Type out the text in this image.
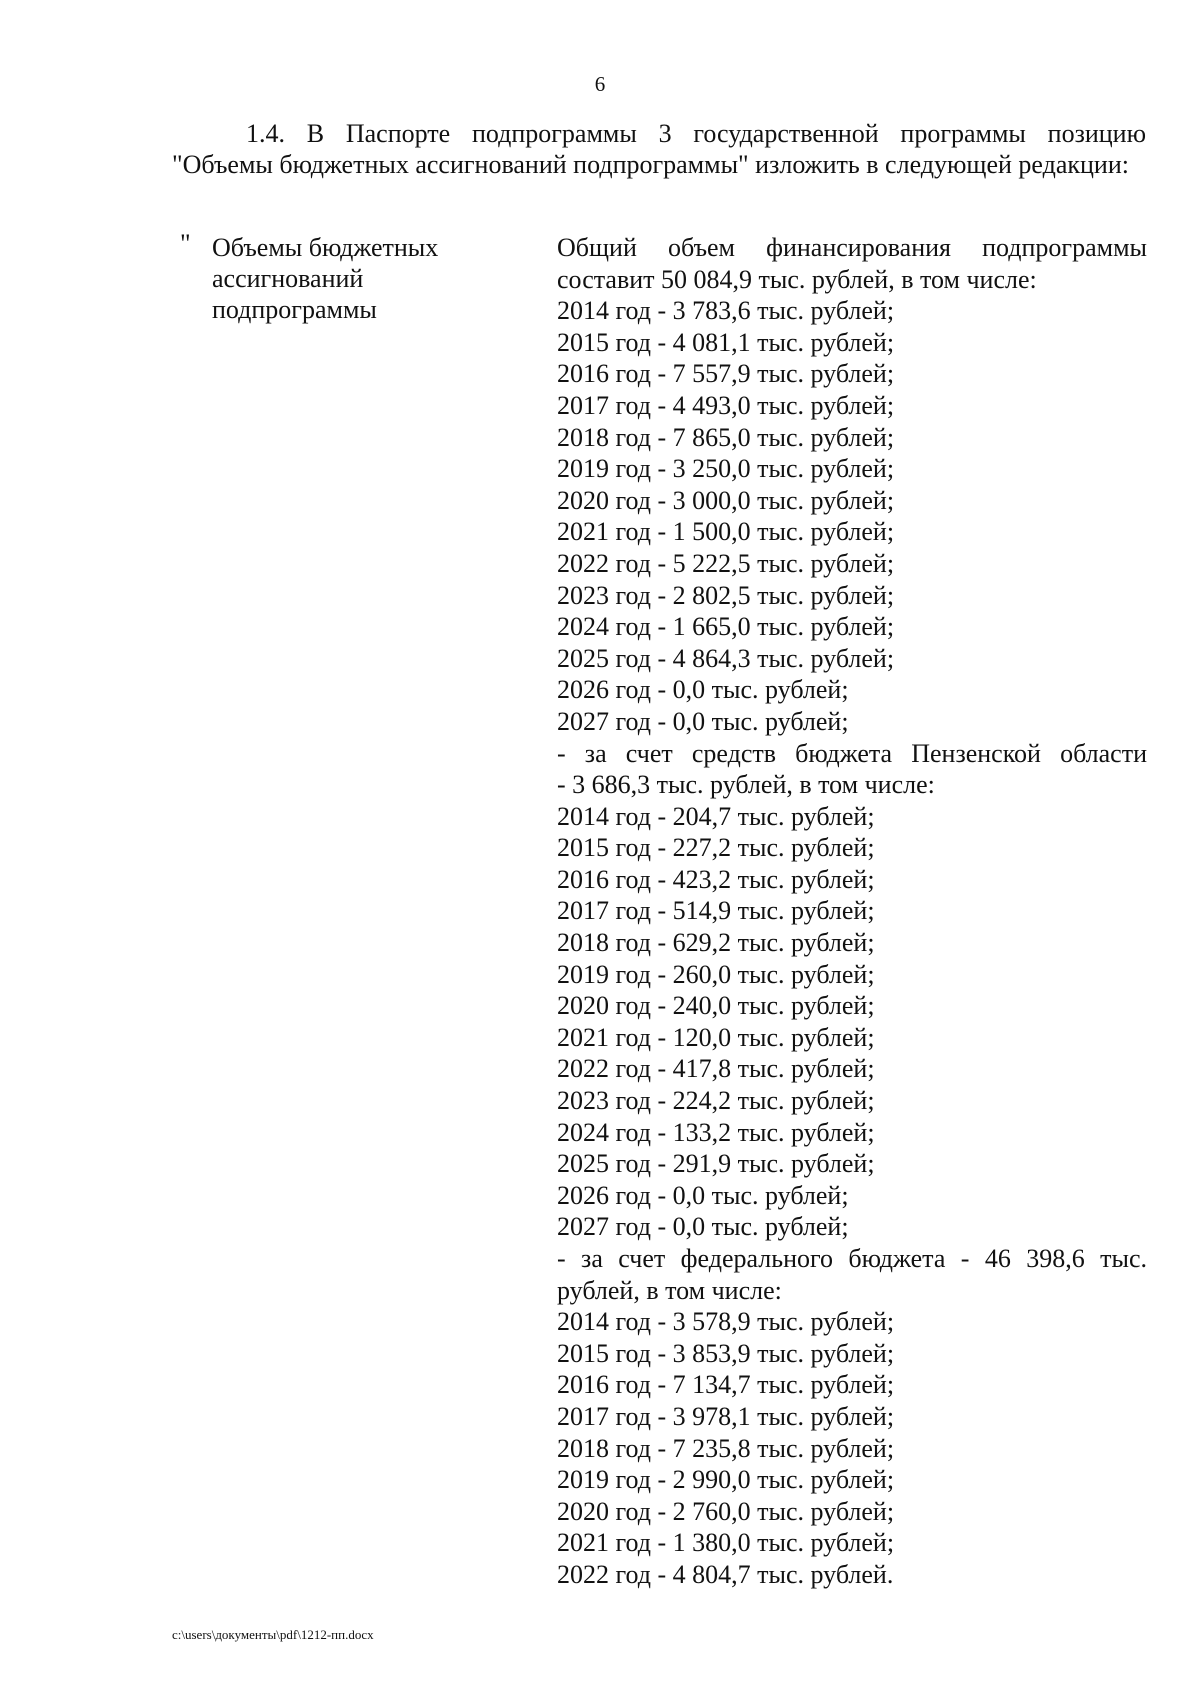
6

1.4. В Паспорте подпрограммы 3 государственной программы позицию "Объемы бюджетных ассигнований подпрограммы" изложить в следующей редакции:

" Объемы бюджетных ассигнований подпрограммы

Общий объем финансирования подпрограммы
составит 50 084,9 тыс. рублей, в том числе:
2014 год - 3 783,6 тыс. рублей;
2015 год - 4 081,1 тыс. рублей;
2016 год - 7 557,9 тыс. рублей;
2017 год - 4 493,0 тыс. рублей;
2018 год - 7 865,0 тыс. рублей;
2019 год - 3 250,0 тыс. рублей;
2020 год - 3 000,0 тыс. рублей;
2021 год - 1 500,0 тыс. рублей;
2022 год - 5 222,5 тыс. рублей;
2023 год - 2 802,5 тыс. рублей;
2024 год - 1 665,0 тыс. рублей;
2025 год - 4 864,3 тыс. рублей;
2026 год - 0,0 тыс. рублей;
2027 год - 0,0 тыс. рублей;
- за счет средств бюджета Пензенской области
- 3 686,3 тыс. рублей, в том числе:
2014 год - 204,7 тыс. рублей;
2015 год - 227,2 тыс. рублей;
2016 год - 423,2 тыс. рублей;
2017 год - 514,9 тыс. рублей;
2018 год - 629,2 тыс. рублей;
2019 год - 260,0 тыс. рублей;
2020 год - 240,0 тыс. рублей;
2021 год - 120,0 тыс. рублей;
2022 год - 417,8 тыс. рублей;
2023 год - 224,2 тыс. рублей;
2024 год - 133,2 тыс. рублей;
2025 год - 291,9 тыс. рублей;
2026 год - 0,0 тыс. рублей;
2027 год - 0,0 тыс. рублей;
- за счет федерального бюджета - 46 398,6 тыс.
рублей, в том числе:
2014 год - 3 578,9 тыс. рублей;
2015 год - 3 853,9 тыс. рублей;
2016 год - 7 134,7 тыс. рублей;
2017 год - 3 978,1 тыс. рублей;
2018 год - 7 235,8 тыс. рублей;
2019 год - 2 990,0 тыс. рублей;
2020 год - 2 760,0 тыс. рублей;
2021 год - 1 380,0 тыс. рублей;
2022 год - 4 804,7 тыс. рублей.
c:\users\документы\pdf\1212-пп.docx
